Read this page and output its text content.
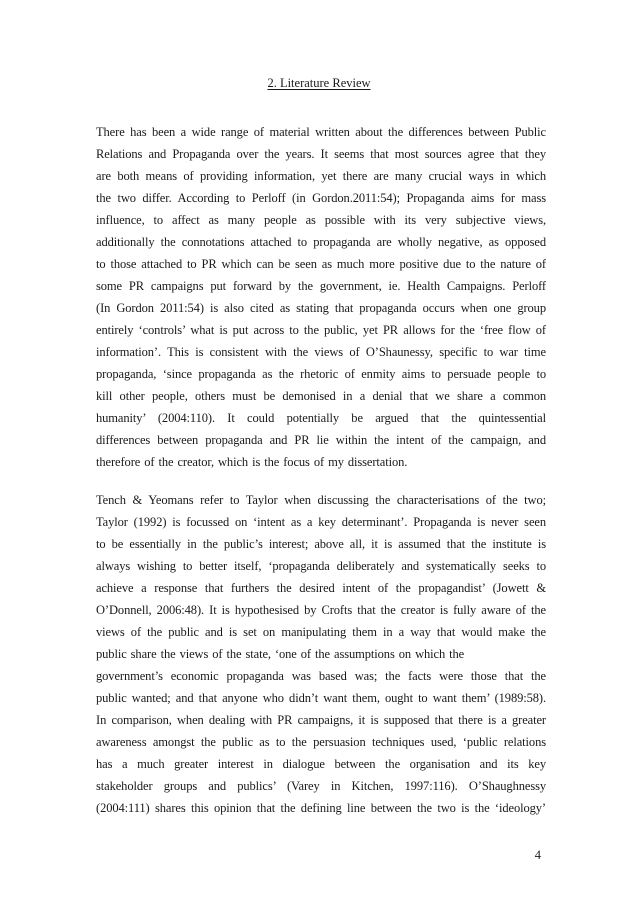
2. Literature Review
There has been a wide range of material written about the differences between Public
Relations and Propaganda over the years. It seems that most sources agree that they
are both means of providing information, yet there are many crucial ways in which
the two differ. According to Perloff (in Gordon.2011:54); Propaganda aims for mass
influence, to affect as many people as possible with its very subjective views,
additionally the connotations attached to propaganda are wholly negative, as opposed
to those attached to PR which can be seen as much more positive due to the nature of
some PR campaigns put forward by the government, ie. Health Campaigns. Perloff
(In Gordon 2011:54) is also cited as stating that propaganda occurs when one group
entirely ‘controls’ what is put across to the public, yet PR allows for the ‘free flow of
information’. This is consistent with the views of O’Shaunessy, specific to war time
propaganda, ‘since propaganda as the rhetoric of enmity aims to persuade people to
kill other people, others must be demonised in a denial that we share a common
humanity’ (2004:110). It could potentially be argued that the quintessential
differences between propaganda and PR lie within the intent of the campaign, and
therefore of the creator, which is the focus of my dissertation.
Tench & Yeomans refer to Taylor when discussing the characterisations of the two;
Taylor (1992) is focussed on ‘intent as a key determinant’. Propaganda is never seen
to be essentially in the public’s interest; above all, it is assumed that the institute is
always wishing to better itself, ‘propaganda deliberately and systematically seeks to
achieve a response that furthers the desired intent of the propagandist’ (Jowett &
O’Donnell, 2006:48). It is hypothesised by Crofts that the creator is fully aware of the
views of the public and is set on manipulating them in a way that would make the
public share the views of the state, ‘one of the assumptions on which the
government’s economic propaganda was based was; the facts were those that the
public wanted; and that anyone who didn’t want them, ought to want them’ (1989:58).
In comparison, when dealing with PR campaigns, it is supposed that there is a greater
awareness amongst the public as to the persuasion techniques used, ‘public relations
has a much greater interest in dialogue between the organisation and its key
stakeholder groups and publics’ (Varey in Kitchen, 1997:116). O’Shaughnessy
(2004:111) shares this opinion that the defining line between the two is the ‘ideology’
4
